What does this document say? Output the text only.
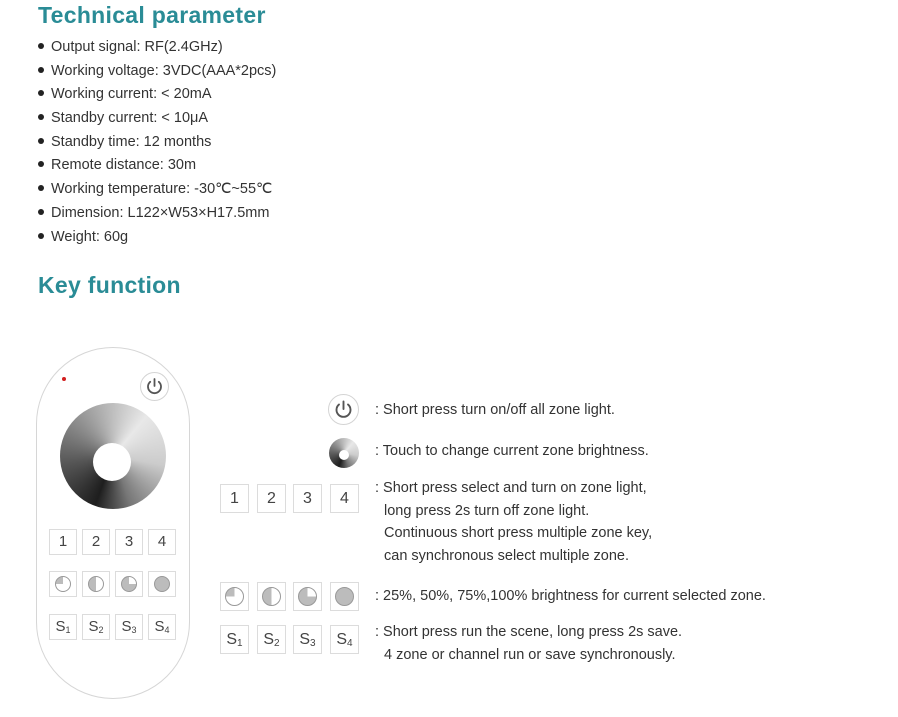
Technical parameter
Output signal: RF(2.4GHz)
Working voltage: 3VDC(AAA*2pcs)
Working current: < 20mA
Standby current: < 10μA
Standby time: 12 months
Remote distance: 30m
Working temperature: -30℃~55℃
Dimension: L122×W53×H17.5mm
Weight: 60g
Key function
1	2	3	4
$S_1$	$S_2$	$S_3$	$S_4$
: Short press turn on/off all zone light.
: Touch to change current zone brightness.
1	2	3	4
: Short press select and turn on zone light,
long press 2s turn off zone light.
Continuous short press multiple zone key,
can synchronous select multiple zone.
: 25%, 50%, 75%,100% brightness for current selected zone.
$S_1$	$S_2$	$S_3$	$S_4$
: Short press run the scene, long press 2s save.
4 zone or channel run or save synchronously.
